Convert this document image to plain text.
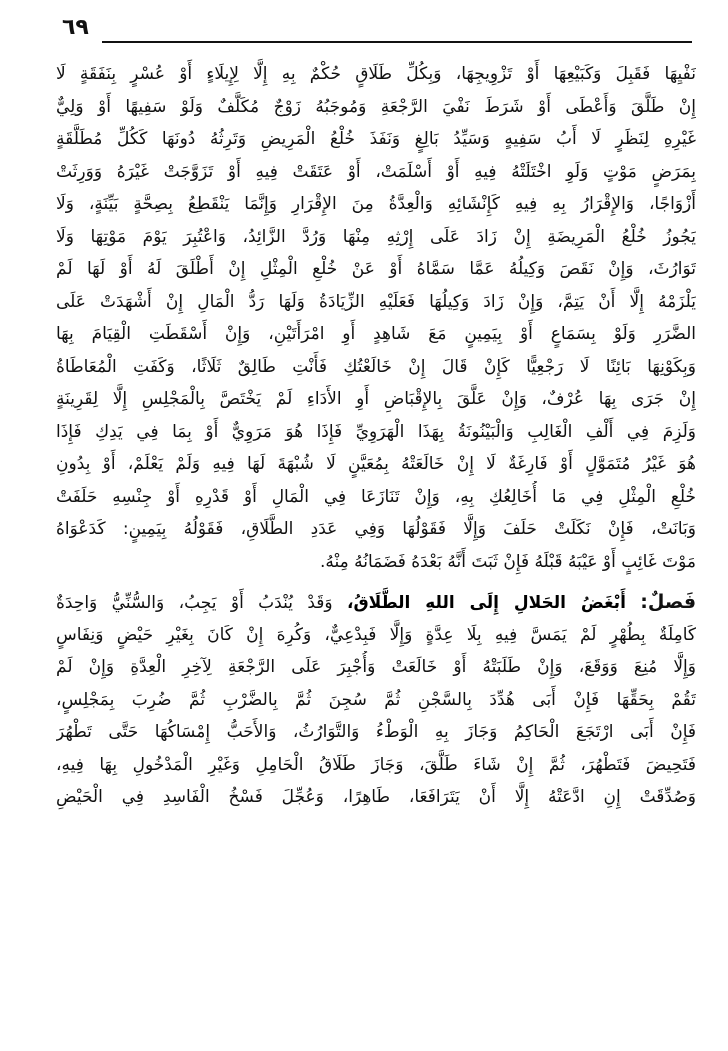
٦٩
نَفْيِهَا فَقَبِلَ وَكَبَيْعِهَا أَوْ تَزْوِيجِهَا، وَبِكُلِّ طَلَاقٍ حُكْمٌ بِهِ إِلَّا لِإِيلَاءٍ أَوْ عُسْرٍ بِنَفَقَةٍ لَا
إِنْ طَلَّقَ وَأَعْطَى أَوْ شَرَطَ نَفْيَ الرَّجْعَةِ وَمُوجَبُهُ زَوْجٌ مُكَلَّفٌ وَلَوْ سَفِيهًا أَوْ وَلِيٌّ
غَيْرِهِ لِنَظَرٍ لَا أَبُ سَفِيهٍ وَسَيِّدُ بَالِغٍ وَنَفَذَ خُلْعُ الْمَرِيضِ وَتَرِثُهُ دُونَهَا كَكُلِّ مُطَلَّقَةٍ
بِمَرَضٍ مَوْتٍ وَلَوِ اخْتَلَتْهُ فِيهِ أَوْ أَسْلَمَتْ، أَوْ عَتَقَتْ فِيهِ أَوْ تَزَوَّجَتْ غَيْرَهُ وَوَرِثَتْ
أَزْوَاجًا، وَالإِقْرَارُ بِهِ فِيهِ كَإِنْشَائِهِ وَالْعِدَّةُ مِنَ الإِقْرَارِ وَإِنَّمَا يَنْقَطِعُ بِصِحَّةٍ بَيِّنَةٍ، وَلَا
يَجُوزُ خُلْعُ الْمَرِيضَةِ إِنْ زَادَ عَلَى إِرْثِهِ مِنْهَا وَرُدَّ الزَّائِدُ، وَاعْتُبِرَ يَوْمَ مَوْتِهَا وَلَا
تَوَارُثَ، وَإِنْ نَقَصَ وَكِيلُهُ عَمَّا سَمَّاهُ أَوْ عَنْ خُلْعِ الْمِثْلِ إِنْ أَطْلَقَ لَهُ أَوْ لَهَا لَمْ
يَلْزَمْهُ إِلَّا أَنْ يَتِمَّ، وَإِنْ زَادَ وَكِيلُهَا فَعَلَيْهِ الزِّيَادَةُ وَلَهَا رَدُّ الْمَالِ إِنْ أَشْهَدَتْ عَلَى
الضَّرَرِ وَلَوْ بِسَمَاعٍ أَوْ بِيَمِينٍ مَعَ شَاهِدٍ أَوِ امْرَأَتَيْنِ، وَإِنْ أَسْقَطَتِ الْقِيَامَ بِهَا
وَبِكَوْنِهَا بَائِنًا لَا رَجْعِيًّا كَإِنْ قَالَ إِنْ خَالَعْتُكِ فَأَنْتِ طَالِقٌ ثَلَاثًا، وَكَفَتِ الْمُعَاطَاةُ
إِنْ جَرَى بِهَا عُرْفٌ، وَإِنْ عَلَّقَ بِالإِقْبَاضِ أَوِ الأَدَاءِ لَمْ يَخْتَصَّ بِالْمَجْلِسِ إِلَّا لِقَرِينَةٍ
وَلَزِمَ فِي أَلْفِ الْغَالِبِ وَالْبَيْنُونَةُ بِهَذَا الْهَرَوِيِّ فَإِذَا هُوَ مَرَوِيٌّ أَوْ بِمَا فِي يَدِكِ فَإِذَا
هُوَ غَيْرُ مُتَمَوَّلٍ أَوْ فَارِغَةٌ لَا إِنْ خَالَعَتْهُ بِمُعَيَّنٍ لَا شُبْهَةَ لَهَا فِيهِ وَلَمْ يَعْلَمْ، أَوْ بِدُونِ
خُلْعِ الْمِثْلِ فِي مَا أُخَالِعُكِ بِهِ، وَإِنْ تَنَازَعَا فِي الْمَالِ أَوْ قَدْرِهِ أَوْ جِنْسِهِ حَلَفَتْ
وَبَانَتْ، فَإِنْ نَكَلَتْ حَلَفَ وَإِلَّا فَقَوْلُهَا وَفِي عَدَدِ الطَّلَاقِ، فَقَوْلُهُ بِيَمِينٍ: كَدَعْوَاهُ
مَوْتَ غَائِبٍ أَوْ عَيْبَهُ قَبْلَهُ فَإِنْ ثَبَتَ أَنَّهُ بَعْدَهُ فَضَمَانُهُ مِنْهُ.
فَصلٌ: أَبْغَضُ الحَلالِ إِلَى اللهِ الطَّلَاقُ، وَقَدْ يُنْدَبُ أَوْ يَجِبُ، وَالسُّنِّيُّ وَاحِدَةٌ
كَامِلَةٌ بِطُهْرٍ لَمْ يَمَسَّ فِيهِ بِلَا عِدَّةٍ وَإِلَّا فَبِدْعِيٌّ، وَكُرِهَ إِنْ كَانَ بِغَيْرِ حَيْضٍ وَنِفَاسٍ
وَإِلَّا مُنِعَ وَوَقَعَ، وَإِنْ طَلَبَتْهُ أَوْ خَالَعَتْ وَأُجْبِرَ عَلَى الرَّجْعَةِ لِآخِرِ الْعِدَّةِ وَإِنْ لَمْ
تَقُمْ بِحَقِّهَا فَإِنْ أَبَى هُدِّدَ بِالسَّجْنِ ثُمَّ سُجِنَ ثُمَّ بِالضَّرْبِ ثُمَّ ضُرِبَ بِمَجْلِسٍ،
فَإِنْ أَبَى ارْتَجَعَ الْحَاكِمُ وَجَازَ بِهِ الْوَطْءُ وَالتَّوَارُثُ، وَالأَحَبُّ إِمْسَاكُهَا حَتَّى تَطْهُرَ
فَتَحِيضَ فَتَطْهُرَ، ثُمَّ إِنْ شَاءَ طَلَّقَ، وَجَازَ طَلَاقُ الْحَامِلِ وَغَيْرِ الْمَدْخُولِ بِهَا فِيهِ،
وَصُدِّقَتْ إِنِ ادَّعَتْهُ إِلَّا أَنْ يَتَرَافَعَا، طَاهِرًا، وَعُجِّلَ فَسْخُ الْفَاسِدِ فِي الْحَيْضِ
